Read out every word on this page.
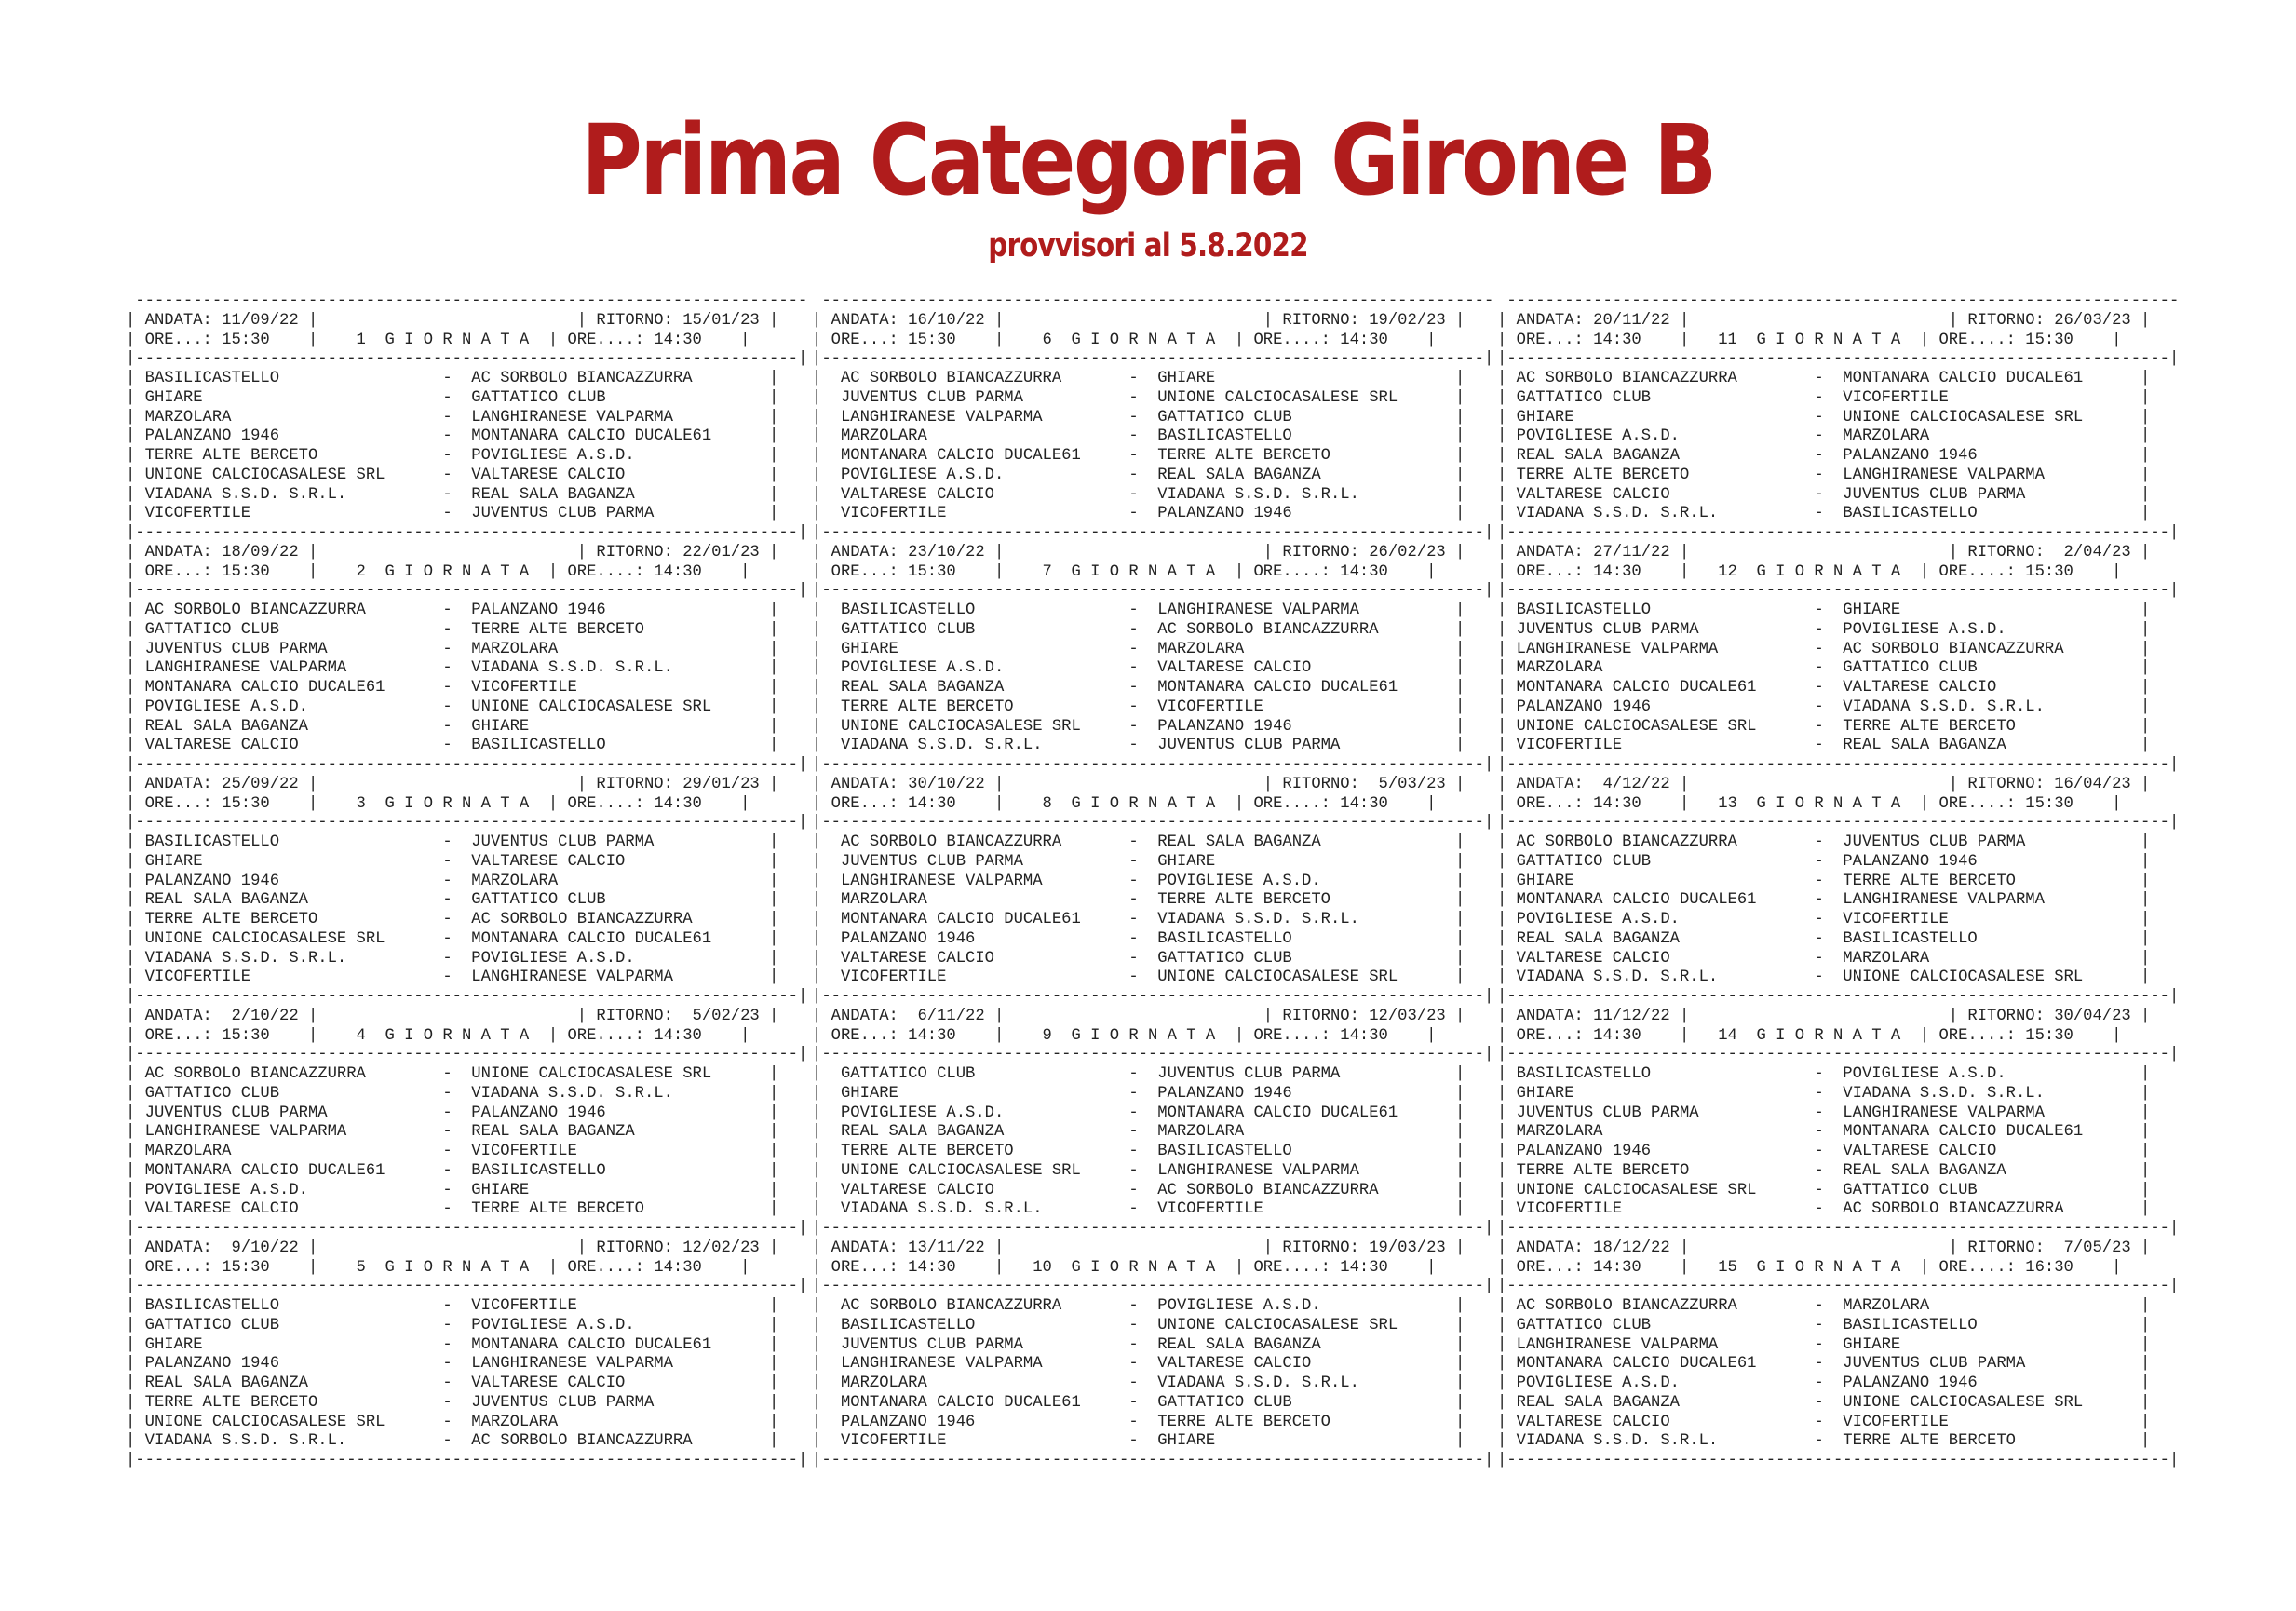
Prima Categoria Girone B
provvisori al 5.8.2022
----------------------------------------------------------------------
| ANDATA: 11/09/22 |                           | RITORNO: 15/01/23 |
| ORE...: 15:30    |    1  G I O R N A T A  | ORE....: 14:30    |
|---------------------------------------------------------------------|
| BASILICASTELLO                 -  AC SORBOLO BIANCAZZURRA        |
| GHIARE                         -  GATTATICO CLUB                 |
| MARZOLARA                      -  LANGHIRANESE VALPARMA          |
| PALANZANO 1946                 -  MONTANARA CALCIO DUCALE61      |
| TERRE ALTE BERCETO             -  POVIGLIESE A.S.D.              |
| UNIONE CALCIOCASALESE SRL      -  VALTARESE CALCIO               |
| VIADANA S.S.D. S.R.L.          -  REAL SALA BAGANZA              |
| VICOFERTILE                    -  JUVENTUS CLUB PARMA            |
|---------------------------------------------------------------------|
| ANDATA: 18/09/22 |                           | RITORNO: 22/01/23 |
| ORE...: 15:30    |    2  G I O R N A T A  | ORE....: 14:30    |
|---------------------------------------------------------------------|
| AC SORBOLO BIANCAZZURRA        -  PALANZANO 1946                 |
| GATTATICO CLUB                 -  TERRE ALTE BERCETO             |
| JUVENTUS CLUB PARMA            -  MARZOLARA                      |
| LANGHIRANESE VALPARMA          -  VIADANA S.S.D. S.R.L.          |
| MONTANARA CALCIO DUCALE61      -  VICOFERTILE                    |
| POVIGLIESE A.S.D.              -  UNIONE CALCIOCASALESE SRL      |
| REAL SALA BAGANZA              -  GHIARE                         |
| VALTARESE CALCIO               -  BASILICASTELLO                 |
|---------------------------------------------------------------------|
| ANDATA: 25/09/22 |                           | RITORNO: 29/01/23 |
| ORE...: 15:30    |    3  G I O R N A T A  | ORE....: 14:30    |
|---------------------------------------------------------------------|
| BASILICASTELLO                 -  JUVENTUS CLUB PARMA            |
| GHIARE                         -  VALTARESE CALCIO               |
| PALANZANO 1946                 -  MARZOLARA                      |
| REAL SALA BAGANZA              -  GATTATICO CLUB                 |
| TERRE ALTE BERCETO             -  AC SORBOLO BIANCAZZURRA        |
| UNIONE CALCIOCASALESE SRL      -  MONTANARA CALCIO DUCALE61      |
| VIADANA S.S.D. S.R.L.          -  POVIGLIESE A.S.D.              |
| VICOFERTILE                    -  LANGHIRANESE VALPARMA          |
|---------------------------------------------------------------------|
| ANDATA:  2/10/22 |                           | RITORNO:  5/02/23 |
| ORE...: 15:30    |    4  G I O R N A T A  | ORE....: 14:30    |
|---------------------------------------------------------------------|
| AC SORBOLO BIANCAZZURRA        -  UNIONE CALCIOCASALESE SRL      |
| GATTATICO CLUB                 -  VIADANA S.S.D. S.R.L.          |
| JUVENTUS CLUB PARMA            -  PALANZANO 1946                 |
| LANGHIRANESE VALPARMA          -  REAL SALA BAGANZA              |
| MARZOLARA                      -  VICOFERTILE                    |
| MONTANARA CALCIO DUCALE61      -  BASILICASTELLO                 |
| POVIGLIESE A.S.D.              -  GHIARE                         |
| VALTARESE CALCIO               -  TERRE ALTE BERCETO             |
|---------------------------------------------------------------------|
| ANDATA:  9/10/22 |                           | RITORNO: 12/02/23 |
| ORE...: 15:30    |    5  G I O R N A T A  | ORE....: 14:30    |
|---------------------------------------------------------------------|
| BASILICASTELLO                 -  VICOFERTILE                    |
| GATTATICO CLUB                 -  POVIGLIESE A.S.D.              |
| GHIARE                         -  MONTANARA CALCIO DUCALE61      |
| PALANZANO 1946                 -  LANGHIRANESE VALPARMA          |
| REAL SALA BAGANZA              -  VALTARESE CALCIO               |
| TERRE ALTE BERCETO             -  JUVENTUS CLUB PARMA            |
| UNIONE CALCIOCASALESE SRL      -  MARZOLARA                      |
| VIADANA S.S.D. S.R.L.          -  AC SORBOLO BIANCAZZURRA        |
|---------------------------------------------------------------------|
----------------------------------------------------------------------
| ANDATA: 16/10/22 |                           | RITORNO: 19/02/23 |
| ORE...: 15:30    |    6  G I O R N A T A  | ORE....: 14:30    |
|---------------------------------------------------------------------|
|  AC SORBOLO BIANCAZZURRA       -  GHIARE                         |
|  JUVENTUS CLUB PARMA           -  UNIONE CALCIOCASALESE SRL      |
|  LANGHIRANESE VALPARMA         -  GATTATICO CLUB                 |
|  MARZOLARA                     -  BASILICASTELLO                 |
|  MONTANARA CALCIO DUCALE61     -  TERRE ALTE BERCETO             |
|  POVIGLIESE A.S.D.             -  REAL SALA BAGANZA              |
|  VALTARESE CALCIO              -  VIADANA S.S.D. S.R.L.          |
|  VICOFERTILE                   -  PALANZANO 1946                 |
|---------------------------------------------------------------------|
| ANDATA: 23/10/22 |                           | RITORNO: 26/02/23 |
| ORE...: 15:30    |    7  G I O R N A T A  | ORE....: 14:30    |
|---------------------------------------------------------------------|
|  BASILICASTELLO                -  LANGHIRANESE VALPARMA          |
|  GATTATICO CLUB                -  AC SORBOLO BIANCAZZURRA        |
|  GHIARE                        -  MARZOLARA                      |
|  POVIGLIESE A.S.D.             -  VALTARESE CALCIO               |
|  REAL SALA BAGANZA             -  MONTANARA CALCIO DUCALE61      |
|  TERRE ALTE BERCETO            -  VICOFERTILE                    |
|  UNIONE CALCIOCASALESE SRL     -  PALANZANO 1946                 |
|  VIADANA S.S.D. S.R.L.         -  JUVENTUS CLUB PARMA            |
|---------------------------------------------------------------------|
| ANDATA: 30/10/22 |                           | RITORNO:  5/03/23 |
| ORE...: 14:30    |    8  G I O R N A T A  | ORE....: 14:30    |
|---------------------------------------------------------------------|
|  AC SORBOLO BIANCAZZURRA       -  REAL SALA BAGANZA              |
|  JUVENTUS CLUB PARMA           -  GHIARE                         |
|  LANGHIRANESE VALPARMA         -  POVIGLIESE A.S.D.              |
|  MARZOLARA                     -  TERRE ALTE BERCETO             |
|  MONTANARA CALCIO DUCALE61     -  VIADANA S.S.D. S.R.L.          |
|  PALANZANO 1946                -  BASILICASTELLO                 |
|  VALTARESE CALCIO              -  GATTATICO CLUB                 |
|  VICOFERTILE                   -  UNIONE CALCIOCASALESE SRL      |
|---------------------------------------------------------------------|
| ANDATA:  6/11/22 |                           | RITORNO: 12/03/23 |
| ORE...: 14:30    |    9  G I O R N A T A  | ORE....: 14:30    |
|---------------------------------------------------------------------|
|  GATTATICO CLUB                -  JUVENTUS CLUB PARMA            |
|  GHIARE                        -  PALANZANO 1946                 |
|  POVIGLIESE A.S.D.             -  MONTANARA CALCIO DUCALE61      |
|  REAL SALA BAGANZA             -  MARZOLARA                      |
|  TERRE ALTE BERCETO            -  BASILICASTELLO                 |
|  UNIONE CALCIOCASALESE SRL     -  LANGHIRANESE VALPARMA          |
|  VALTARESE CALCIO              -  AC SORBOLO BIANCAZZURRA        |
|  VIADANA S.S.D. S.R.L.         -  VICOFERTILE                    |
|---------------------------------------------------------------------|
| ANDATA: 13/11/22 |                           | RITORNO: 19/03/23 |
| ORE...: 14:30    |   10  G I O R N A T A  | ORE....: 14:30    |
|---------------------------------------------------------------------|
|  AC SORBOLO BIANCAZZURRA       -  POVIGLIESE A.S.D.              |
|  BASILICASTELLO                -  UNIONE CALCIOCASALESE SRL      |
|  JUVENTUS CLUB PARMA           -  REAL SALA BAGANZA              |
|  LANGHIRANESE VALPARMA         -  VALTARESE CALCIO               |
|  MARZOLARA                     -  VIADANA S.S.D. S.R.L.          |
|  MONTANARA CALCIO DUCALE61     -  GATTATICO CLUB                 |
|  PALANZANO 1946                -  TERRE ALTE BERCETO             |
|  VICOFERTILE                   -  GHIARE                         |
|---------------------------------------------------------------------|
----------------------------------------------------------------------
| ANDATA: 20/11/22 |                           | RITORNO: 26/03/23 |
| ORE...: 14:30    |   11  G I O R N A T A  | ORE....: 15:30    |
|---------------------------------------------------------------------|
| AC SORBOLO BIANCAZZURRA        -  MONTANARA CALCIO DUCALE61      |
| GATTATICO CLUB                 -  VICOFERTILE                    |
| GHIARE                         -  UNIONE CALCIOCASALESE SRL      |
| POVIGLIESE A.S.D.              -  MARZOLARA                      |
| REAL SALA BAGANZA              -  PALANZANO 1946                 |
| TERRE ALTE BERCETO             -  LANGHIRANESE VALPARMA          |
| VALTARESE CALCIO               -  JUVENTUS CLUB PARMA            |
| VIADANA S.S.D. S.R.L.          -  BASILICASTELLO                 |
|---------------------------------------------------------------------|
| ANDATA: 27/11/22 |                           | RITORNO:  2/04/23 |
| ORE...: 14:30    |   12  G I O R N A T A  | ORE....: 15:30    |
|---------------------------------------------------------------------|
| BASILICASTELLO                 -  GHIARE                         |
| JUVENTUS CLUB PARMA            -  POVIGLIESE A.S.D.              |
| LANGHIRANESE VALPARMA          -  AC SORBOLO BIANCAZZURRA        |
| MARZOLARA                      -  GATTATICO CLUB                 |
| MONTANARA CALCIO DUCALE61      -  VALTARESE CALCIO               |
| PALANZANO 1946                 -  VIADANA S.S.D. S.R.L.          |
| UNIONE CALCIOCASALESE SRL      -  TERRE ALTE BERCETO             |
| VICOFERTILE                    -  REAL SALA BAGANZA              |
|---------------------------------------------------------------------|
| ANDATA:  4/12/22 |                           | RITORNO: 16/04/23 |
| ORE...: 14:30    |   13  G I O R N A T A  | ORE....: 15:30    |
|---------------------------------------------------------------------|
| AC SORBOLO BIANCAZZURRA        -  JUVENTUS CLUB PARMA            |
| GATTATICO CLUB                 -  PALANZANO 1946                 |
| GHIARE                         -  TERRE ALTE BERCETO             |
| MONTANARA CALCIO DUCALE61      -  LANGHIRANESE VALPARMA          |
| POVIGLIESE A.S.D.              -  VICOFERTILE                    |
| REAL SALA BAGANZA              -  BASILICASTELLO                 |
| VALTARESE CALCIO               -  MARZOLARA                      |
| VIADANA S.S.D. S.R.L.          -  UNIONE CALCIOCASALESE SRL      |
|---------------------------------------------------------------------|
| ANDATA: 11/12/22 |                           | RITORNO: 30/04/23 |
| ORE...: 14:30    |   14  G I O R N A T A  | ORE....: 15:30    |
|---------------------------------------------------------------------|
| BASILICASTELLO                 -  POVIGLIESE A.S.D.              |
| GHIARE                         -  VIADANA S.S.D. S.R.L.          |
| JUVENTUS CLUB PARMA            -  LANGHIRANESE VALPARMA          |
| MARZOLARA                      -  MONTANARA CALCIO DUCALE61      |
| PALANZANO 1946                 -  VALTARESE CALCIO               |
| TERRE ALTE BERCETO             -  REAL SALA BAGANZA              |
| UNIONE CALCIOCASALESE SRL      -  GATTATICO CLUB                 |
| VICOFERTILE                    -  AC SORBOLO BIANCAZZURRA        |
|---------------------------------------------------------------------|
| ANDATA: 18/12/22 |                           | RITORNO:  7/05/23 |
| ORE...: 14:30    |   15  G I O R N A T A  | ORE....: 16:30    |
|---------------------------------------------------------------------|
| AC SORBOLO BIANCAZZURRA        -  MARZOLARA                      |
| GATTATICO CLUB                 -  BASILICASTELLO                 |
| LANGHIRANESE VALPARMA          -  GHIARE                         |
| MONTANARA CALCIO DUCALE61      -  JUVENTUS CLUB PARMA            |
| POVIGLIESE A.S.D.              -  PALANZANO 1946                 |
| REAL SALA BAGANZA              -  UNIONE CALCIOCASALESE SRL      |
| VALTARESE CALCIO               -  VICOFERTILE                    |
| VIADANA S.S.D. S.R.L.          -  TERRE ALTE BERCETO             |
|---------------------------------------------------------------------|
